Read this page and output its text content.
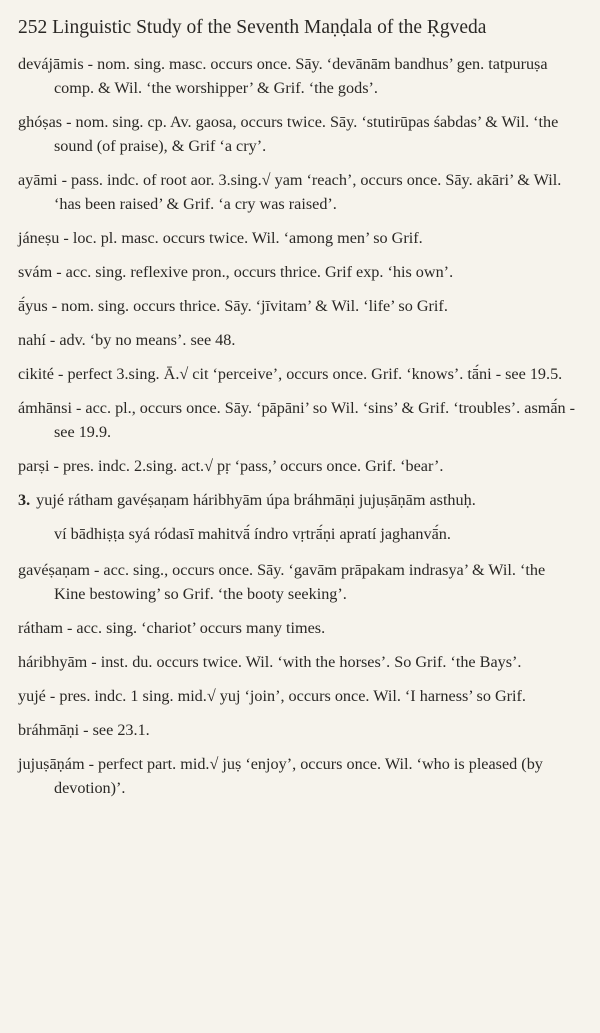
252 Linguistic Study of the Seventh Maṇḍala of the Ṛgveda
devájāmis - nom. sing. masc. occurs once. Sāy. ‘devānām bandhus’ gen. tatpuruṣa comp. & Wil. ‘the worshipper’ & Grif. ‘the gods’.
ghóṣas - nom. sing. cp. Av. gaosa, occurs twice. Sāy. ‘stutirūpas śabdas’ & Wil. ‘the sound (of praise), & Grif ‘a cry’.
ayāmi - pass. indc. of root aor. 3.sing.√ yam ‘reach’, occurs once. Sāy. akāri’ & Wil. ‘has been raised’ & Grif. ‘a cry was raised’.
jáneṣu - loc. pl. masc. occurs twice. Wil. ‘among men’ so Grif.
svám - acc. sing. reflexive pron., occurs thrice. Grif exp. ‘his own’.
ā́yus - nom. sing. occurs thrice. Sāy. ‘jīvitam’ & Wil. ‘life’ so Grif.
nahí - adv. ‘by no means’. see 48.
cikité - perfect 3.sing. Ā.√ cit ‘perceive’, occurs once. Grif. ‘knows’. tā́ni - see 19.5.
ámhānsi - acc. pl., occurs once. Sāy. ‘pāpāni’ so Wil. ‘sins’ & Grif. ‘troubles’. asmā́n - see 19.9.
parṣi - pres. indc. 2.sing. act.√ pṛ ‘pass,’ occurs once. Grif. ‘bear’.
3. yujé rátham gavéṣaṇam háribhyām úpa bráhmāṇi jujuṣāṇām asthuḥ.
ví bādhiṣṭa syá ródasī mahitvā́ índro vṛtrā́ṇi apratí jaghanvā́n.
gavéṣaṇam - acc. sing., occurs once. Sāy. ‘gavām prāpakam indrasya’ & Wil. ‘the Kine bestowing’ so Grif. ‘the booty seeking’.
rátham - acc. sing. ‘chariot’ occurs many times.
háribhyām - inst. du. occurs twice. Wil. ‘with the horses’. So Grif. ‘the Bays’.
yujé - pres. indc. 1 sing. mid.√ yuj ‘join’, occurs once. Wil. ‘I harness’ so Grif.
bráhmāṇi - see 23.1.
jujuṣāṇám - perfect part. mid.√ juṣ ‘enjoy’, occurs once. Wil. ‘who is pleased (by devotion)’.
